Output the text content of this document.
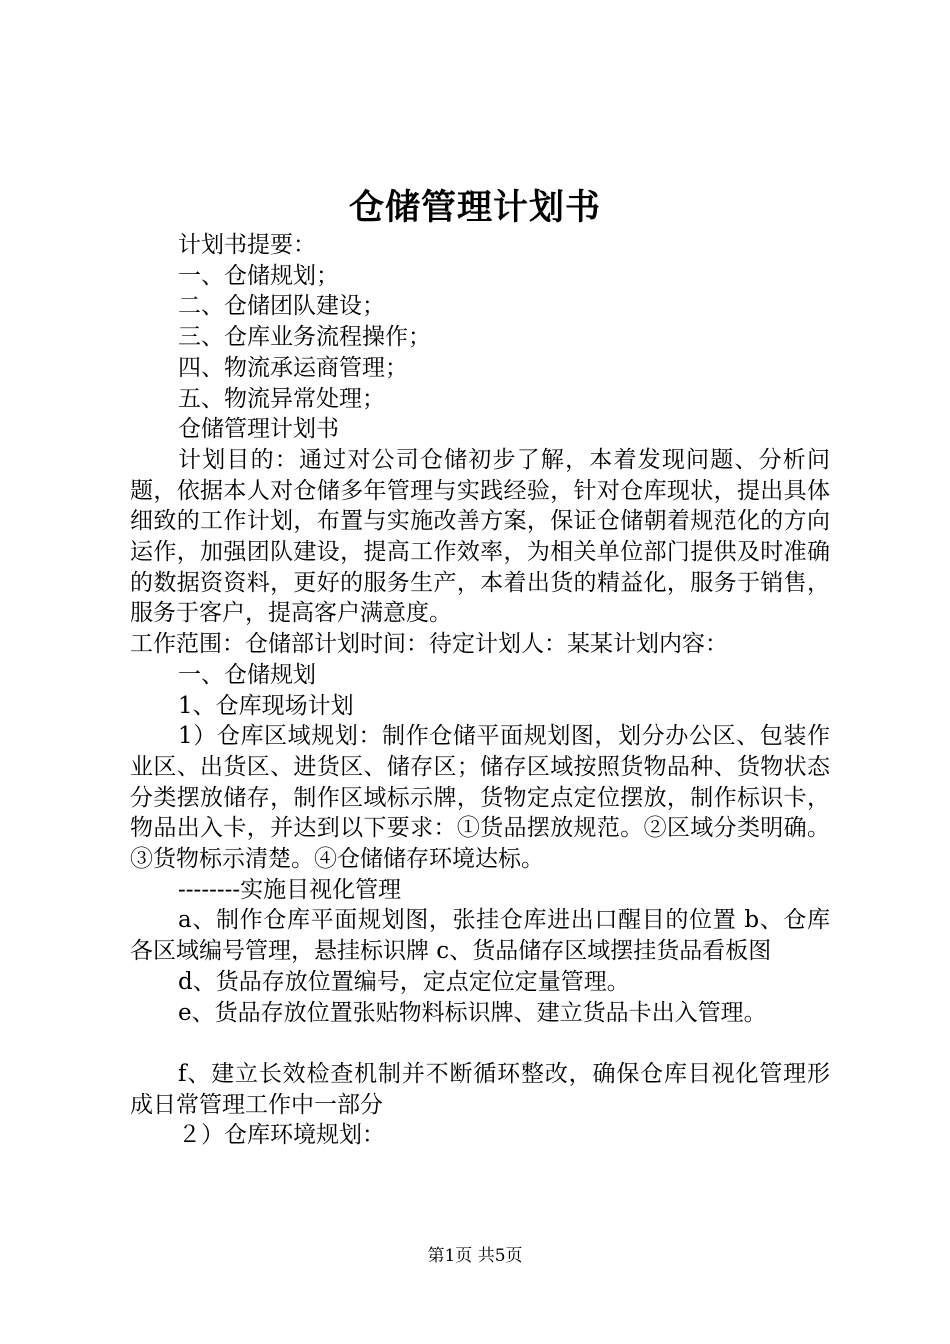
仓储管理计划书

计划书提要：

一、仓储规划；

二、仓储团队建设；

三、仓库业务流程操作；

四、物流承运商管理；

五、物流异常处理；

仓储管理计划书

计划目的：通过对公司仓储初步了解，本着发现问题、分析问题，依据本人对仓储多年管理与实践经验，针对仓库现状，提出具体细致的工作计划，布置与实施改善方案，保证仓储朝着规范化的方向运作，加强团队建设，提高工作效率，为相关单位部门提供及时准确的数据资资料，更好的服务生产，本着出货的精益化，服务于销售，服务于客户，提高客户满意度。

工作范围：仓储部计划时间：待定计划人：某某计划内容：

一、仓储规划

1、仓库现场计划

1）仓库区域规划：制作仓储平面规划图，划分办公区、包装作业区、出货区、进货区、储存区；储存区域按照货物品种、货物状态分类摆放储存，制作区域标示牌，货物定点定位摆放，制作标识卡，物品出入卡，并达到以下要求：①货品摆放规范。②区域分类明确。③货物标示清楚。④仓储储存环境达标。

--------实施目视化管理

a、制作仓库平面规划图，张挂仓库进出口醒目的位置 b、仓库各区域编号管理，悬挂标识牌 c、货品储存区域摆挂货品看板图

d、货品存放位置编号，定点定位定量管理。

e、货品存放位置张贴物料标识牌、建立货品卡出入管理。

f、建立长效检查机制并不断循环整改，确保仓库目视化管理形成日常管理工作中一部分

２）仓库环境规划：

第1页 共5页
